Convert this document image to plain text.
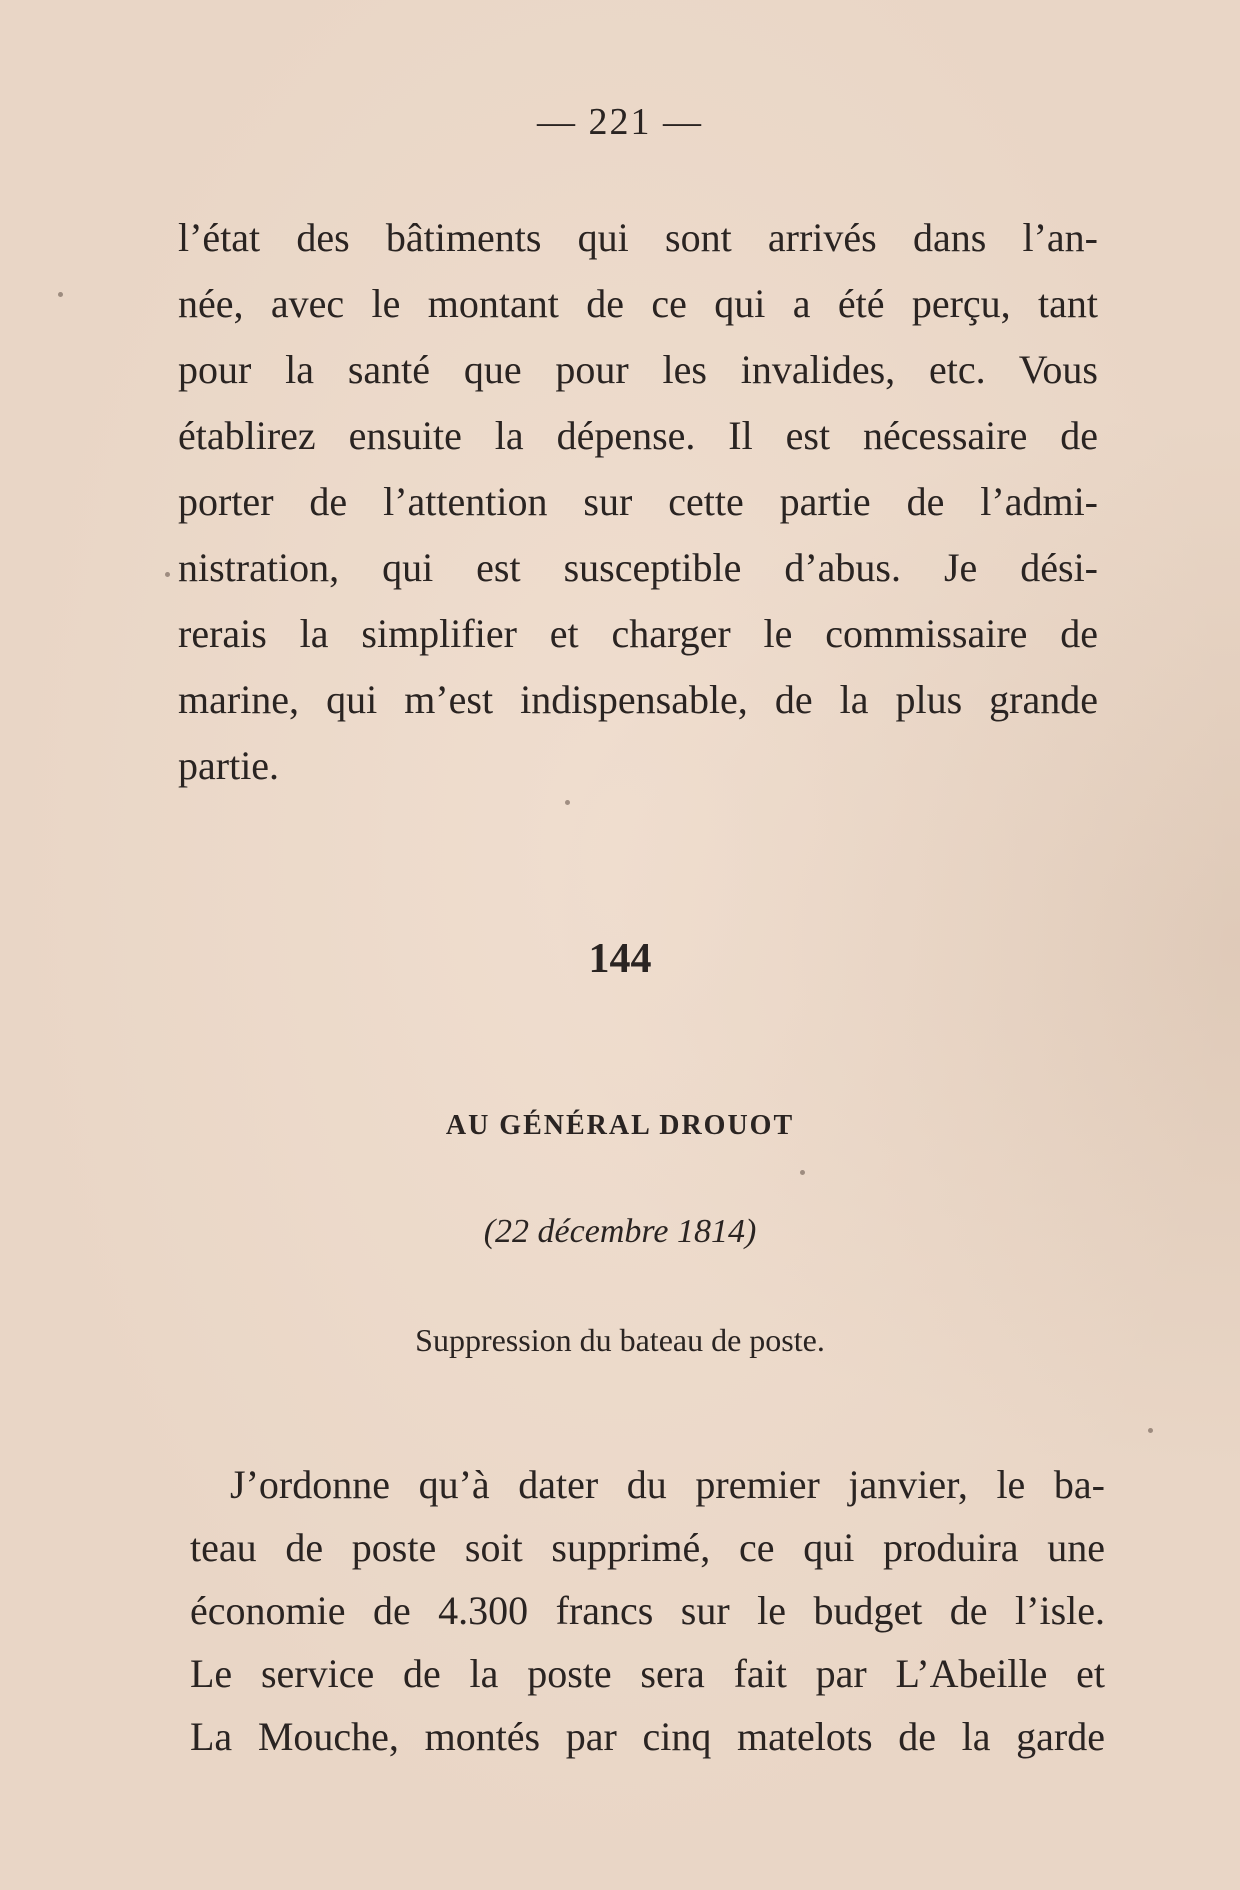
— 221 —
l’état des bâtiments qui sont arrivés dans l’an-
née, avec le montant de ce qui a été perçu, tant
pour la santé que pour les invalides, etc. Vous
établirez ensuite la dépense. Il est nécessaire de
porter de l’attention sur cette partie de l’admi-
nistration, qui est susceptible d’abus. Je dési-
rerais la simplifier et charger le commissaire de
marine, qui m’est indispensable, de la plus grande
partie.
144
AU GÉNÉRAL DROUOT
(22 décembre 1814)
Suppression du bateau de poste.
J’ordonne qu’à dater du premier janvier, le ba-
teau de poste soit supprimé, ce qui produira une
économie de 4.300 francs sur le budget de l’isle.
Le service de la poste sera fait par L’Abeille et
La Mouche, montés par cinq matelots de la garde
